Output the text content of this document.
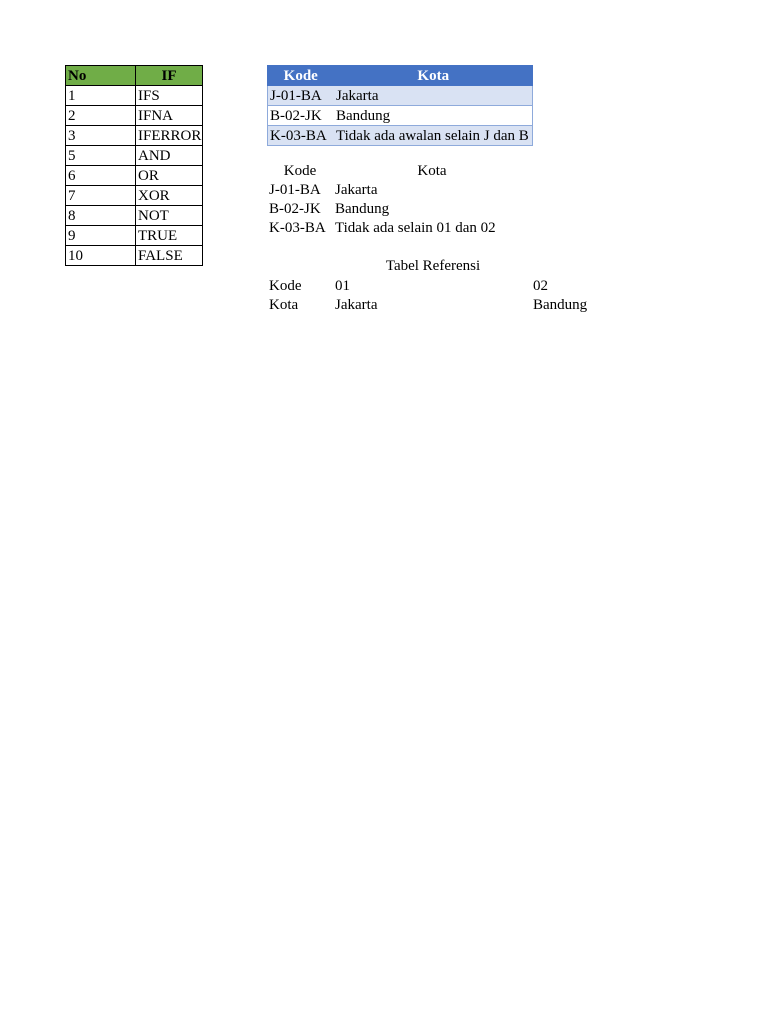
No	IF
1	IFS
2	IFNA
3	IFERROR
5	AND
6	OR
7	XOR
8	NOT
9	TRUE
10	FALSE
Kode	Kota
J-01-BA	Jakarta
B-02-JK	Bandung
K-03-BA	Tidak ada awalan selain J dan B
Kode	Kota
J-01-BA	Jakarta
B-02-JK	Bandung
K-03-BA	Tidak ada selain 01 dan 02
Tabel Referensi
Kode	01	02
Kota	Jakarta	Bandung
